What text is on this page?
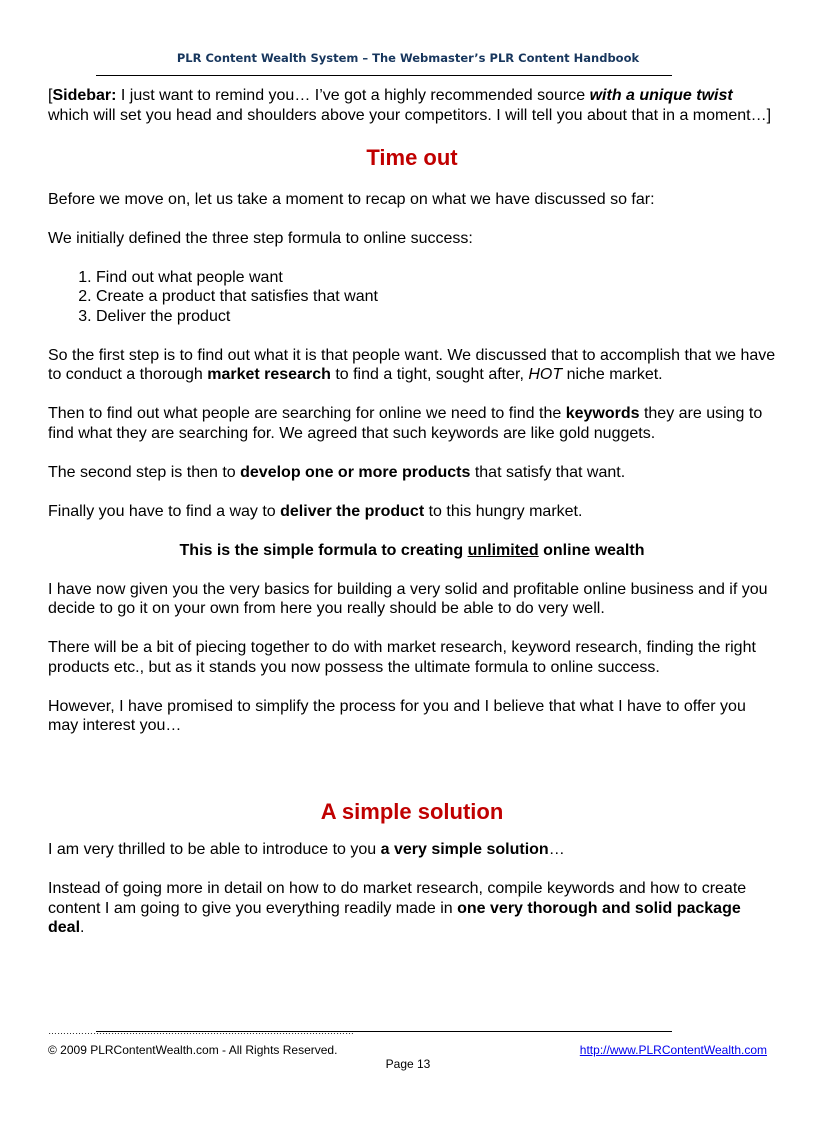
PLR Content Wealth System – The Webmaster’s PLR Content Handbook

[Sidebar: I just want to remind you… I’ve got a highly recommended source with a unique twist which will set you head and shoulders above your competitors. I will tell you about that in a moment…]

Time out

Before we move on, let us take a moment to recap on what we have discussed so far:

We initially defined the three step formula to online success:

1. Find out what people want
2. Create a product that satisfies that want
3. Deliver the product

So the first step is to find out what it is that people want. We discussed that to accomplish that we have to conduct a thorough market research to find a tight, sought after, HOT niche market.

Then to find out what people are searching for online we need to find the keywords they are using to find what they are searching for. We agreed that such keywords are like gold nuggets.

The second step is then to develop one or more products that satisfy that want.

Finally you have to find a way to deliver the product to this hungry market.

This is the simple formula to creating unlimited online wealth

I have now given you the very basics for building a very solid and profitable online business and if you decide to go it on your own from here you really should be able to do very well.

There will be a bit of piecing together to do with market research, keyword research, finding the right products etc., but as it stands you now possess the ultimate formula to online success.

However, I have promised to simplify the process for you and I believe that what I have to offer you may interest you…

A simple solution

I am very thrilled to be able to introduce to you a very simple solution…

Instead of going more in detail on how to do market research, compile keywords and how to create content I am going to give you everything readily made in one very thorough and solid package deal.

…………………………………………………………………………………………
© 2009 PLRContentWealth.com - All Rights Reserved.	http://www.PLRContentWealth.com
Page 13
